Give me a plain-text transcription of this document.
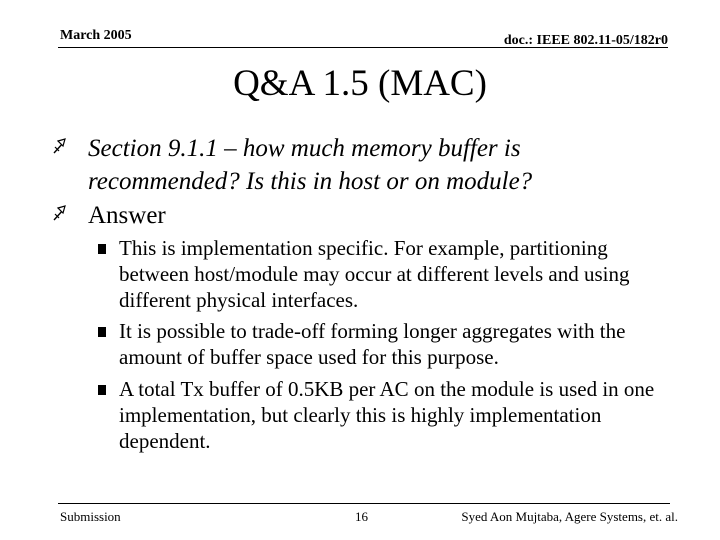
March 2005	doc.: IEEE 802.11-05/182r0
Q&A 1.5 (MAC)
Section 9.1.1 – how much memory buffer is recommended? Is this in host or on module?
Answer
This is implementation specific. For example, partitioning between host/module may occur at different levels and using different physical interfaces.
It is possible to trade-off forming longer aggregates with the amount of buffer space used for this purpose.
A total Tx buffer of 0.5KB per AC on the module is used in one implementation, but clearly this is highly implementation dependent.
Submission	16	Syed Aon Mujtaba, Agere Systems, et. al.
